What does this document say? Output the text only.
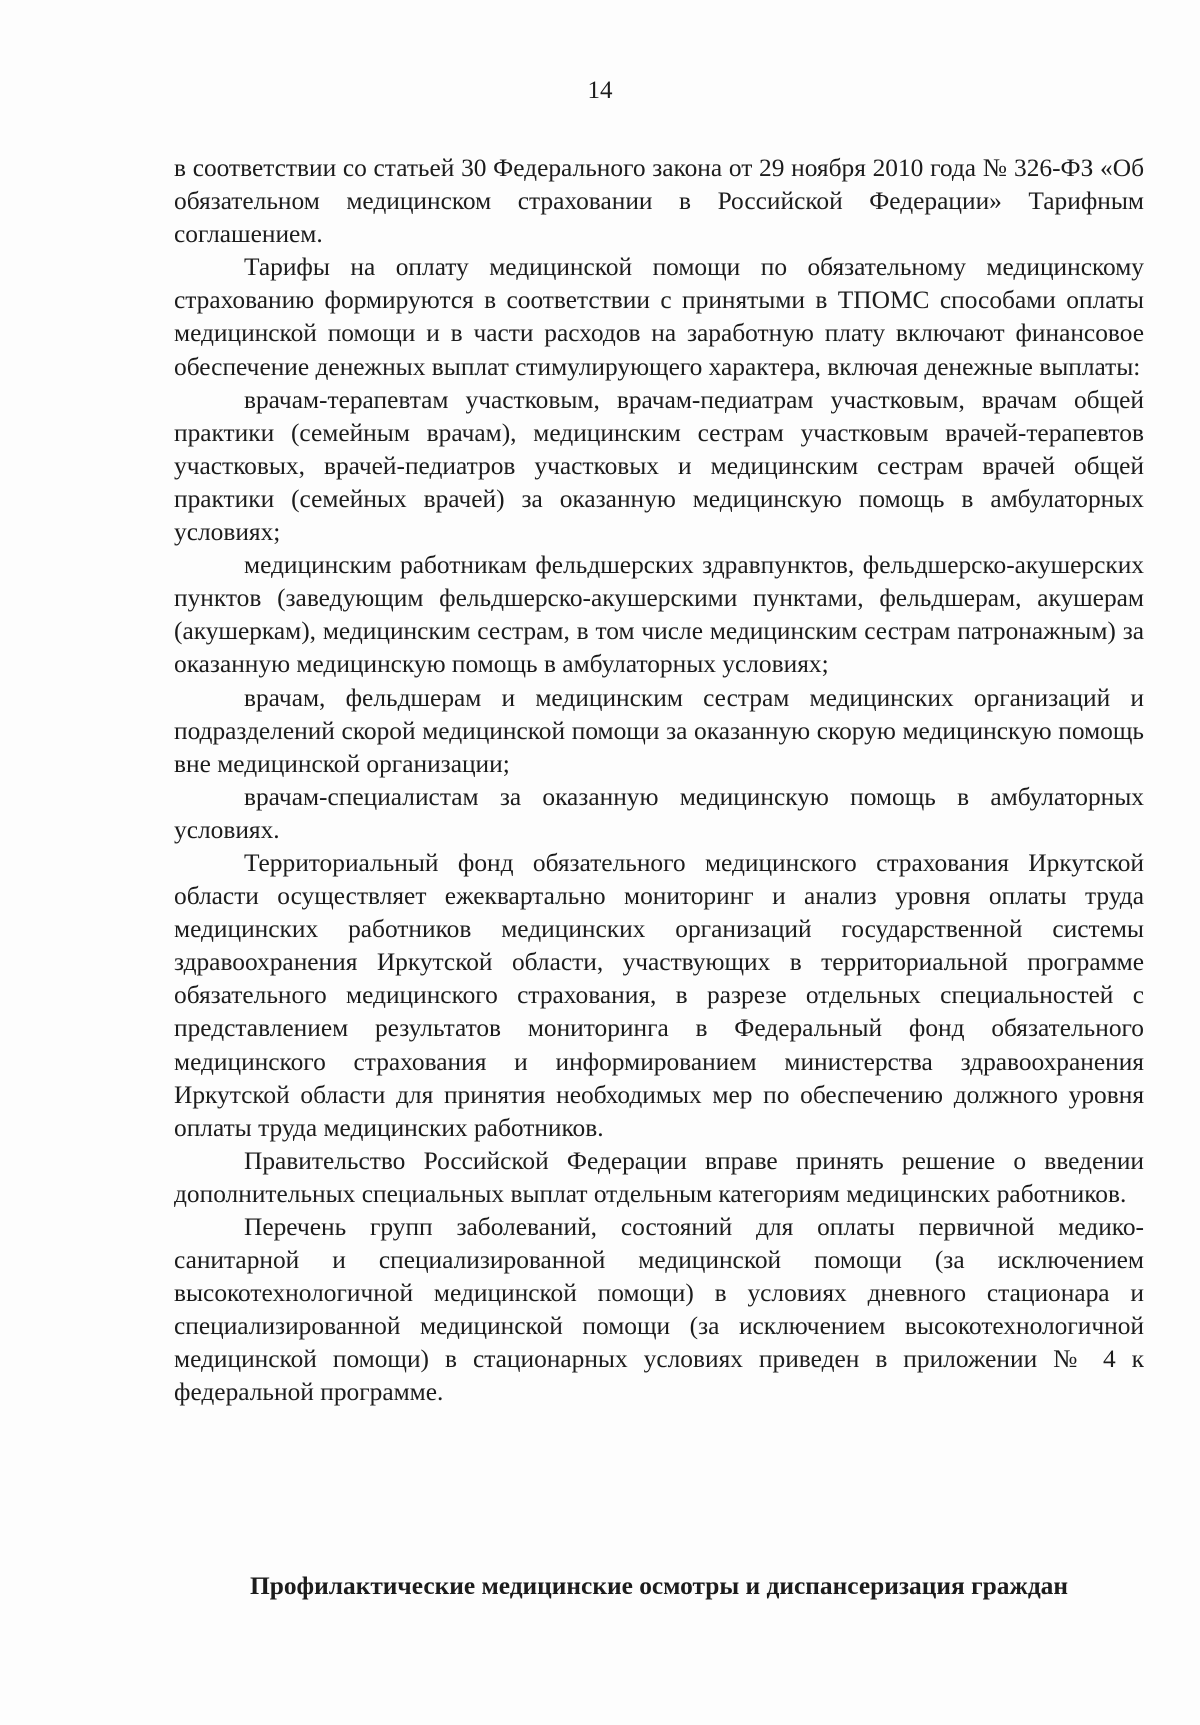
14

в соответствии со статьей 30 Федерального закона от 29 ноября 2010 года № 326-ФЗ «Об обязательном медицинском страховании в Российской Федерации» Тарифным соглашением.

Тарифы на оплату медицинской помощи по обязательному медицинскому страхованию формируются в соответствии с принятыми в ТПОМС способами оплаты медицинской помощи и в части расходов на заработную плату включают финансовое обеспечение денежных выплат стимулирующего характера, включая денежные выплаты:

врачам-терапевтам участковым, врачам-педиатрам участковым, врачам общей практики (семейным врачам), медицинским сестрам участковым врачей-терапевтов участковых, врачей-педиатров участковых и медицинским сестрам врачей общей практики (семейных врачей) за оказанную медицинскую помощь в амбулаторных условиях;

медицинским работникам фельдшерских здравпунктов, фельдшерско-акушерских пунктов (заведующим фельдшерско-акушерскими пунктами, фельдшерам, акушерам (акушеркам), медицинским сестрам, в том числе медицинским сестрам патронажным) за оказанную медицинскую помощь в амбулаторных условиях;

врачам, фельдшерам и медицинским сестрам медицинских организаций и подразделений скорой медицинской помощи за оказанную скорую медицинскую помощь вне медицинской организации;

врачам-специалистам за оказанную медицинскую помощь в амбулаторных условиях.

Территориальный фонд обязательного медицинского страхования Иркутской области осуществляет ежеквартально мониторинг и анализ уровня оплаты труда медицинских работников медицинских организаций государственной системы здравоохранения Иркутской области, участвующих в территориальной программе обязательного медицинского страхования, в разрезе отдельных специальностей с представлением результатов мониторинга в Федеральный фонд обязательного медицинского страхования и информированием министерства здравоохранения Иркутской области для принятия необходимых мер по обеспечению должного уровня оплаты труда медицинских работников.

Правительство Российской Федерации вправе принять решение о введении дополнительных специальных выплат отдельным категориям медицинских работников.

Перечень групп заболеваний, состояний для оплаты первичной медико-санитарной и специализированной медицинской помощи (за исключением высокотехнологичной медицинской помощи) в условиях дневного стационара и специализированной медицинской помощи (за исключением высокотехнологичной медицинской помощи) в стационарных условиях приведен в приложении № 4 к федеральной программе.

Профилактические медицинские осмотры и диспансеризация граждан
